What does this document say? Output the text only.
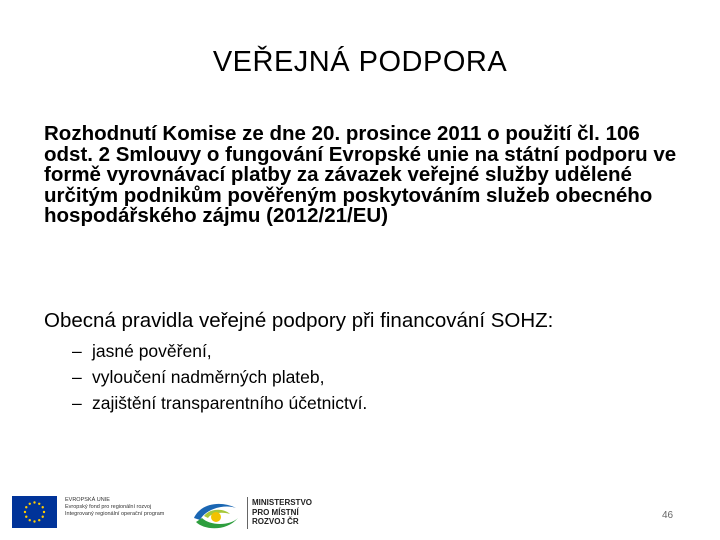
VEŘEJNÁ PODPORA
Rozhodnutí Komise ze dne 20. prosince 2011 o použití čl. 106 odst. 2 Smlouvy o fungování Evropské unie na státní podporu ve formě vyrovnávací platby za závazek veřejné služby udělené určitým podnikům pověřeným poskytováním služeb obecného hospodářského zájmu (2012/21/EU)
Obecná pravidla veřejné podpory při financování SOHZ:
– jasné pověření,
– vyloučení nadměrných plateb,
– zajištění transparentního účetnictví.
EVROPSKÁ UNIE
Evropský fond pro regionální rozvoj
Integrovaný regionální operační program
MINISTERSTVO
PRO MÍSTNÍ
ROZVOJ ČR
46
